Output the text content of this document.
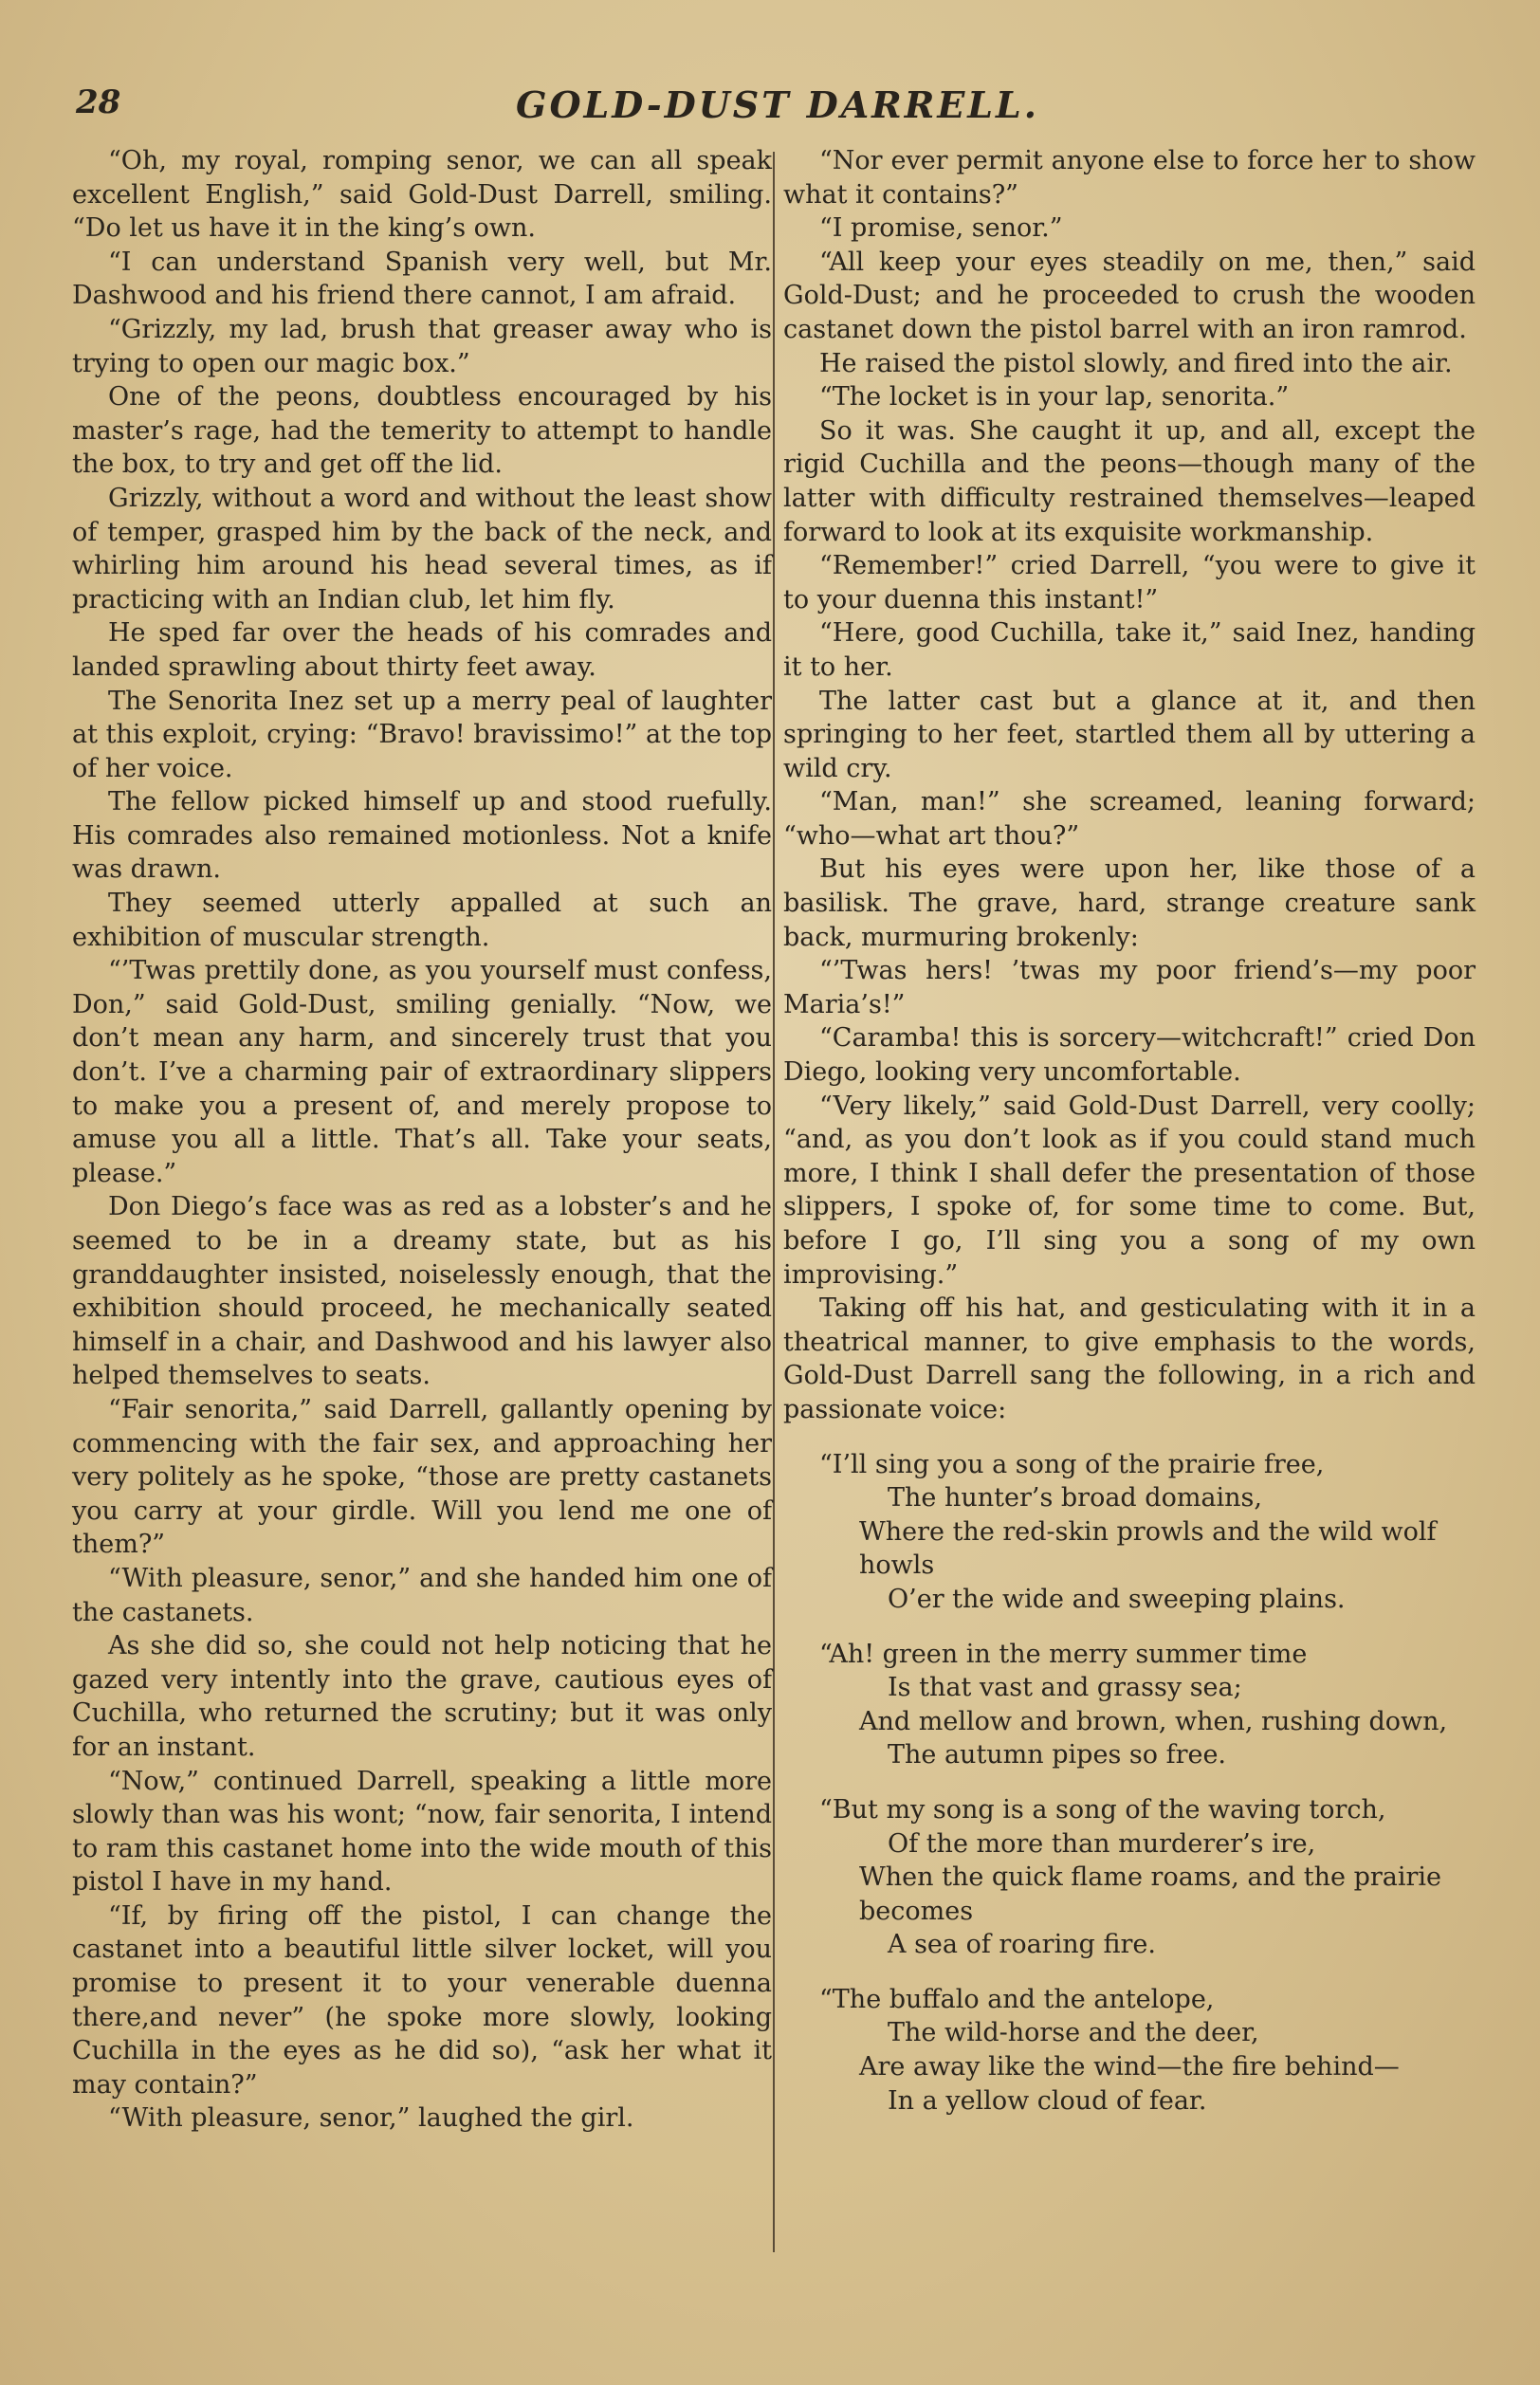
28	GOLD-DUST DARRELL.

“Oh, my royal, romping senor, we can all speak excellent English,” said Gold-Dust Darrell, smiling. “Do let us have it in the king’s own.

“I can understand Spanish very well, but Mr. Dashwood and his friend there cannot, I am afraid.

“Grizzly, my lad, brush that greaser away who is trying to open our magic box.”

One of the peons, doubtless encouraged by his master’s rage, had the temerity to attempt to handle the box, to try and get off the lid.

Grizzly, without a word and without the least show of temper, grasped him by the back of the neck, and whirling him around his head several times, as if practicing with an Indian club, let him fly.

He sped far over the heads of his comrades and landed sprawling about thirty feet away.

The Senorita Inez set up a merry peal of laughter at this exploit, crying: “Bravo! bravissimo!” at the top of her voice.

The fellow picked himself up and stood ruefully. His comrades also remained motionless. Not a knife was drawn.

They seemed utterly appalled at such an exhibition of muscular strength.

“’Twas prettily done, as you yourself must confess, Don,” said Gold-Dust, smiling genially. “Now, we don’t mean any harm, and sincerely trust that you don’t. I’ve a charming pair of extraordinary slippers to make you a present of, and merely propose to amuse you all a little. That’s all. Take your seats, please.”

Don Diego’s face was as red as a lobster’s and he seemed to be in a dreamy state, but as his granddaughter insisted, noiselessly enough, that the exhibition should proceed, he mechanically seated himself in a chair, and Dashwood and his lawyer also helped themselves to seats.

“Fair senorita,” said Darrell, gallantly opening by commencing with the fair sex, and approaching her very politely as he spoke, “those are pretty castanets you carry at your girdle. Will you lend me one of them?”

“With pleasure, senor,” and she handed him one of the castanets.

As she did so, she could not help noticing that he gazed very intently into the grave, cautious eyes of Cuchilla, who returned the scrutiny; but it was only for an instant.

“Now,” continued Darrell, speaking a little more slowly than was his wont; “now, fair senorita, I intend to ram this castanet home into the wide mouth of this pistol I have in my hand.

“If, by firing off the pistol, I can change the castanet into a beautiful little silver locket, will you promise to present it to your venerable duenna there,and never” (he spoke more slowly, looking Cuchilla in the eyes as he did so), “ask her what it may contain?”

“With pleasure, senor,” laughed the girl.

“Nor ever permit anyone else to force her to show what it contains?”

“I promise, senor.”

“All keep your eyes steadily on me, then,” said Gold-Dust; and he proceeded to crush the wooden castanet down the pistol barrel with an iron ramrod.

He raised the pistol slowly, and fired into the air.

“The locket is in your lap, senorita.”

So it was. She caught it up, and all, except the rigid Cuchilla and the peons—though many of the latter with difficulty restrained themselves—leaped forward to look at its exquisite workmanship.

“Remember!” cried Darrell, “you were to give it to your duenna this instant!”

“Here, good Cuchilla, take it,” said Inez, handing it to her.

The latter cast but a glance at it, and then springing to her feet, startled them all by uttering a wild cry.

“Man, man!” she screamed, leaning forward; “who—what art thou?”

But his eyes were upon her, like those of a basilisk. The grave, hard, strange creature sank back, murmuring brokenly:

“’Twas hers! ’twas my poor friend’s—my poor Maria’s!”

“Caramba! this is sorcery—witchcraft!” cried Don Diego, looking very uncomfortable.

“Very likely,” said Gold-Dust Darrell, very coolly; “and, as you don’t look as if you could stand much more, I think I shall defer the presentation of those slippers, I spoke of, for some time to come. But, before I go, I’ll sing you a song of my own improvising.”

Taking off his hat, and gesticulating with it in a theatrical manner, to give emphasis to the words, Gold-Dust Darrell sang the following, in a rich and passionate voice:

“I’ll sing you a song of the prairie free,
The hunter’s broad domains,
Where the red-skin prowls and the wild wolf howls
O’er the wide and sweeping plains.
“Ah! green in the merry summer time
Is that vast and grassy sea;
And mellow and brown, when, rushing down,
The autumn pipes so free.
“But my song is a song of the waving torch,
Of the more than murderer’s ire,
When the quick flame roams, and the prairie becomes
A sea of roaring fire.
“The buffalo and the antelope,
The wild-horse and the deer,
Are away like the wind—the fire behind—
In a yellow cloud of fear.
